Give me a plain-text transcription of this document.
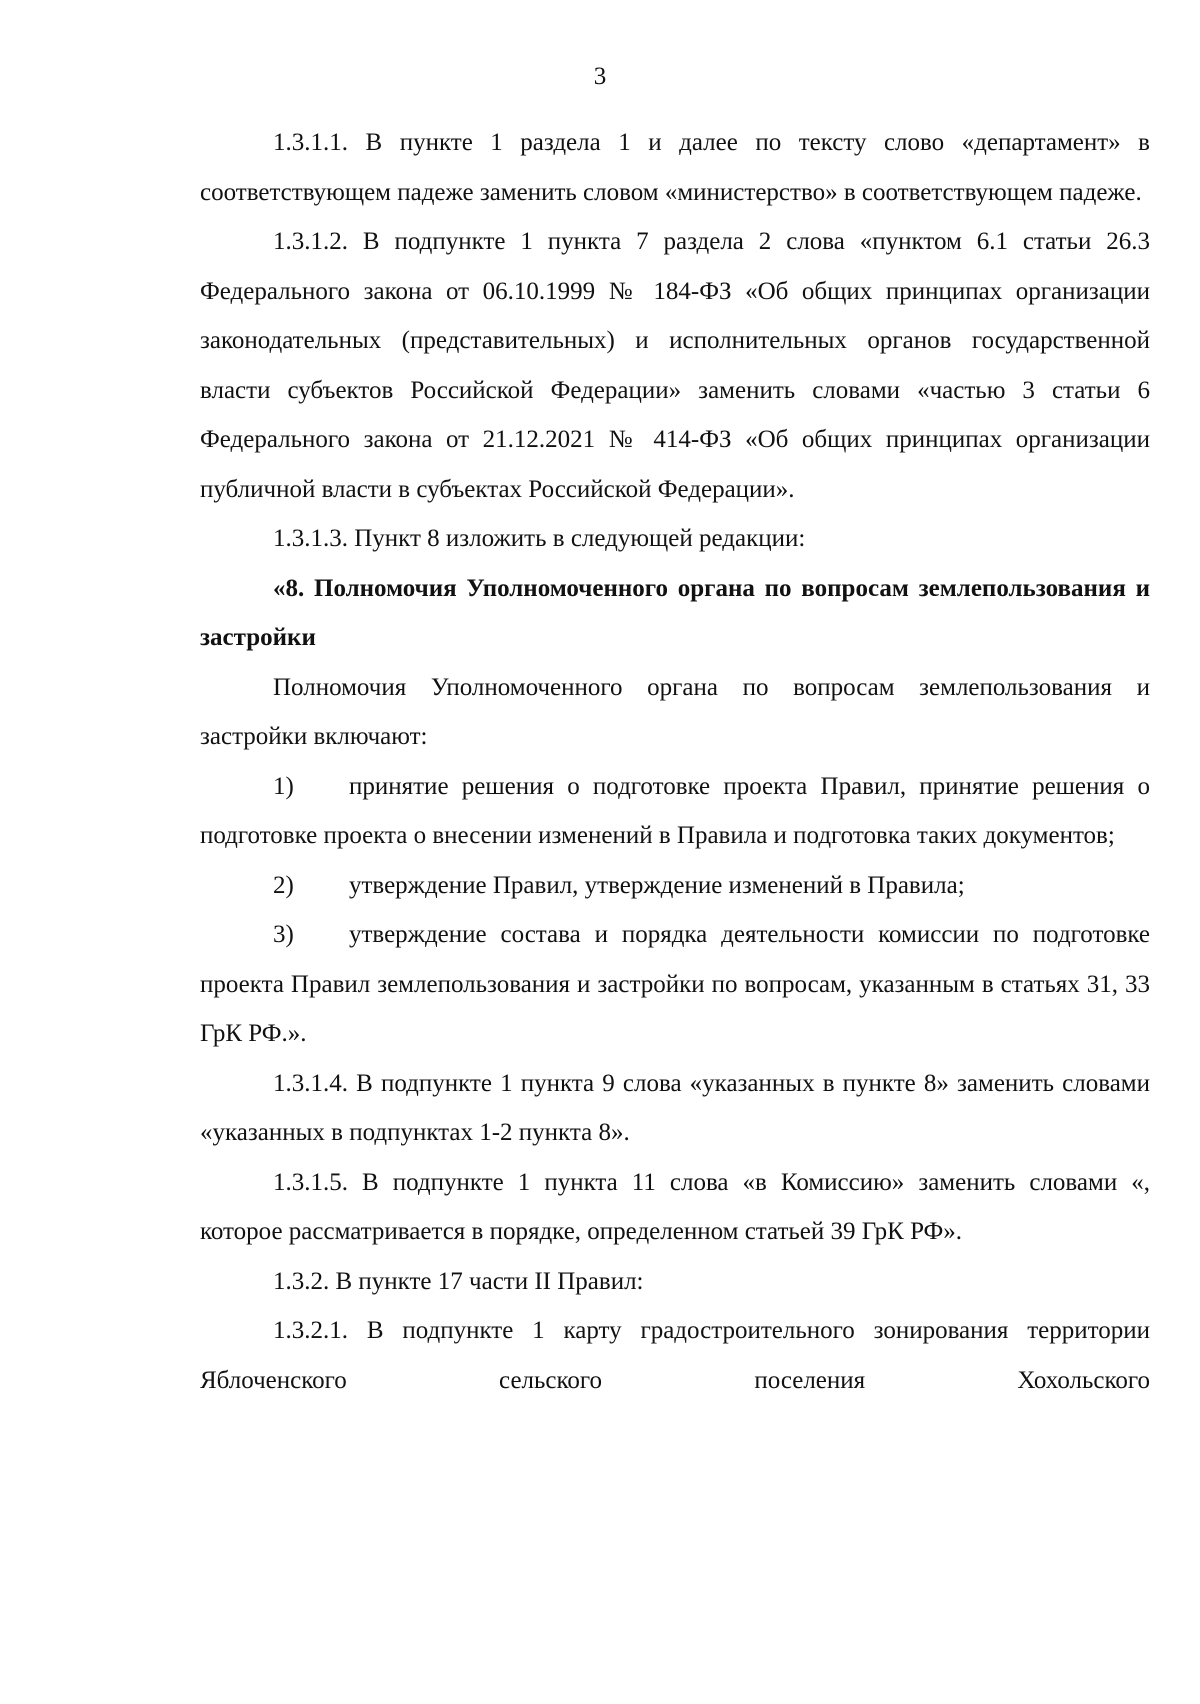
3

1.3.1.1. В пункте 1 раздела 1 и далее по тексту слово «департамент» в соответствующем падеже заменить словом «министерство» в соответствующем падеже.

1.3.1.2. В подпункте 1 пункта 7 раздела 2 слова «пунктом 6.1 статьи 26.3 Федерального закона от 06.10.1999 № 184-ФЗ «Об общих принципах организации законодательных (представительных) и исполнительных органов государственной власти субъектов Российской Федерации» заменить словами «частью 3 статьи 6 Федерального закона от 21.12.2021 № 414-ФЗ «Об общих принципах организации публичной власти в субъектах Российской Федерации».

1.3.1.3. Пункт 8 изложить в следующей редакции:

«8. Полномочия Уполномоченного органа по вопросам землепользования и застройки

Полномочия Уполномоченного органа по вопросам землепользования и застройки включают:

1) принятие решения о подготовке проекта Правил, принятие решения о подготовке проекта о внесении изменений в Правила и подготовка таких документов;

2) утверждение Правил, утверждение изменений в Правила;

3) утверждение состава и порядка деятельности комиссии по подготовке проекта Правил землепользования и застройки по вопросам, указанным в статьях 31, 33 ГрК РФ.».

1.3.1.4. В подпункте 1 пункта 9 слова «указанных в пункте 8» заменить словами «указанных в подпунктах 1-2 пункта 8».

1.3.1.5. В подпункте 1 пункта 11 слова «в Комиссию» заменить словами «, которое рассматривается в порядке, определенном статьей 39 ГрК РФ».

1.3.2. В пункте 17 части II Правил:

1.3.2.1. В подпункте 1 карту градостроительного зонирования территории Яблоченского сельского поселения Хохольского
